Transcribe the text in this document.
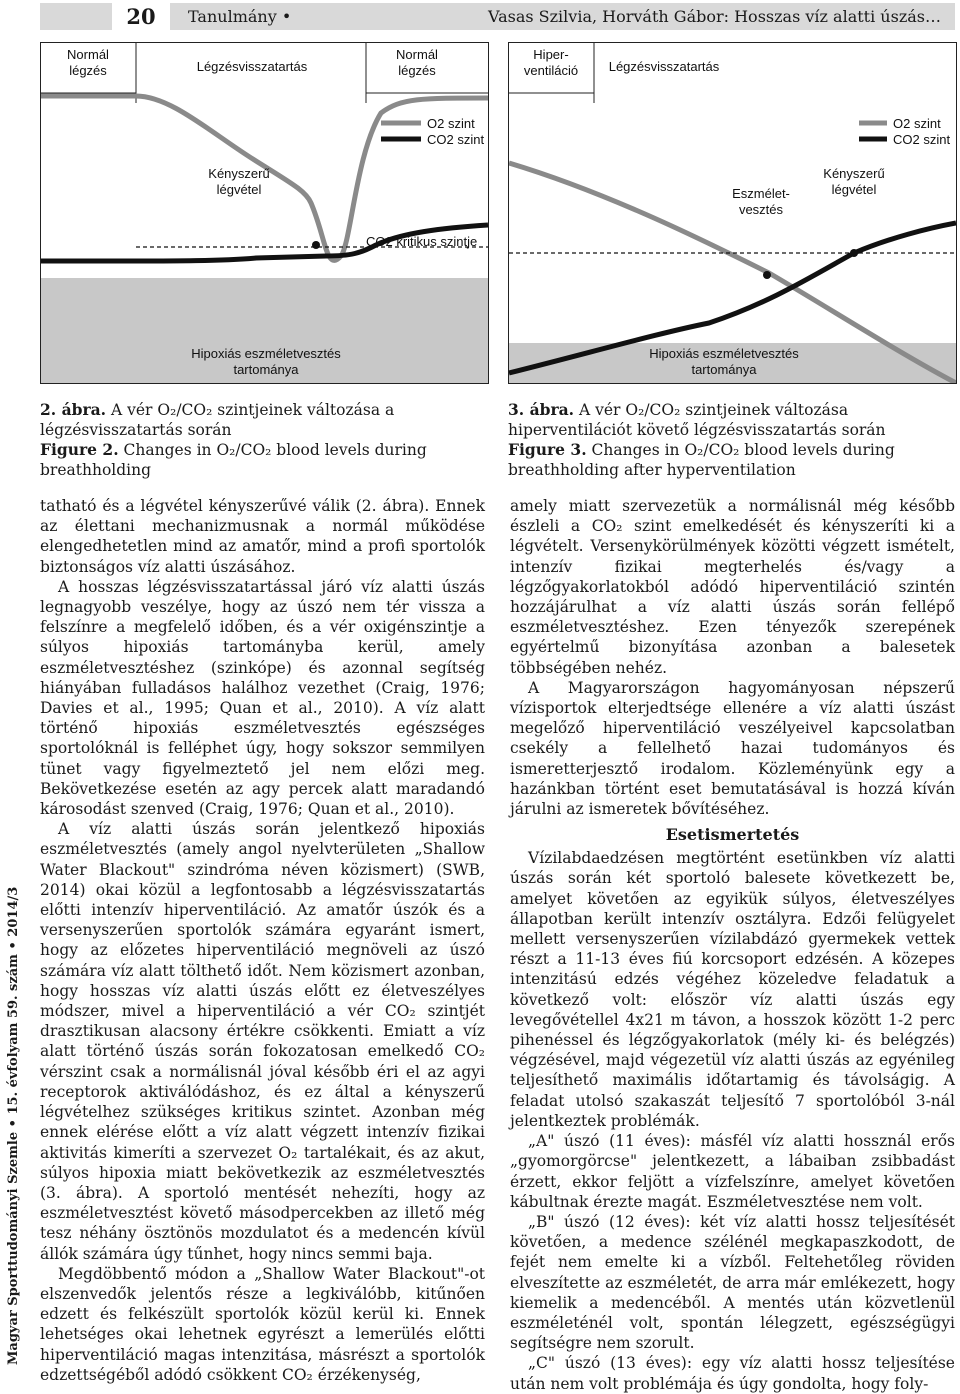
20	Tanulmány •	Vasas Szilvia, Horváth Gábor: Hosszas víz alatti úszás…
Magyar Sporttudományi Szemle • 15. évfolyam 59. szám • 2014/3
Normál légzés	Légzésvisszatartás
Normál légzés
O2 szint
CO2 szint
Kényszerű légvétel
CO2 kritikus szintje
Hipoxiás eszméletvesztés tartománya
Hiper-ventiláció Légzésvisszatartás
O2 szint
CO2 szint
Eszmélet-vesztés
Kényszerű légvétel
Hipoxiás eszméletvesztés tartománya
2. ábra. A vér O₂/CO₂ szintjeinek változása a légzésvisszatartás során
Figure 2. Changes in O₂/CO₂ blood levels during breathholding
3. ábra. A vér O₂/CO₂ szintjeinek változása hiperventilációt követő légzésvisszatartás során
Figure 3. Changes in O₂/CO₂ blood levels during breathholding after hyperventilation

tatható és a légvétel kényszerűvé válik (2. ábra). Ennek az élettani mechanizmusnak a normál működése elengedhetetlen mind az amatőr, mind a profi sportolók biztonságos víz alatti úszásához.

A hosszas légzésvisszatartással járó víz alatti úszás legnagyobb veszélye, hogy az úszó nem tér vissza a felszínre a megfelelő időben, és a vér oxigénszintje a súlyos hipoxiás tartományba kerül, amely eszméletvesztéshez (szinkópe) és azonnal segítség hiányában fulladásos halálhoz vezethet (Craig, 1976; Davies et al., 1995; Quan et al., 2010). A víz alatt történő hipoxiás eszméletvesztés egészséges sportolóknál is felléphet úgy, hogy sokszor semmilyen tünet vagy figyelmeztető jel nem előzi meg. Bekövetkezése esetén az agy percek alatt maradandó károsodást szenved (Craig, 1976; Quan et al., 2010).

A víz alatti úszás során jelentkező hipoxiás eszméletvesztés (amely angol nyelvterületen „Shallow Water Blackout" szindróma néven közismert) (SWB, 2014) okai közül a legfontosabb a légzésvisszatartás előtti intenzív hiperventiláció. Az amatőr úszók és a versenyszerűen sportolók számára egyaránt ismert, hogy az előzetes hiperventiláció megnöveli az úszó számára víz alatt tölthető időt. Nem közismert azonban, hogy hosszas víz alatti úszás előtt ez életveszélyes módszer, mivel a hiperventiláció a vér CO₂ szintjét drasztikusan alacsony értékre csökkenti. Emiatt a víz alatt történő úszás során fokozatosan emelkedő CO₂ vérszint csak a normálisnál jóval később éri el az agyi receptorok aktiválódáshoz, és ez által a kényszerű légvételhez szükséges kritikus szintet. Azonban még ennek elérése előtt a víz alatt végzett intenzív fizikai aktivitás kimeríti a szervezet O₂ tartalékait, és az akut, súlyos hipoxia miatt bekövetkezik az eszméletvesztés (3. ábra). A sportoló mentését nehezíti, hogy az eszméletvesztést követő másodpercekben az illető még tesz néhány ösztönös mozdulatot és a medencén kívül állók számára úgy tűnhet, hogy nincs semmi baja.

Megdöbbentő módon a „Shallow Water Blackout"-ot elszenvedők jelentős része a legkiválóbb, kitűnően edzett és felkészült sportolók közül kerül ki. Ennek lehetséges okai lehetnek egyrészt a lemerülés előtti hiperventiláció magas intenzitása, másrészt a sportolók edzettségéből adódó csökkent CO₂ érzékenység,

amely miatt szervezetük a normálisnál még később észleli a CO₂ szint emelkedését és kényszeríti ki a légvételt. Versenykörülmények közötti végzett ismételt, intenzív fizikai megterhelés és/vagy a légzőgyakorlatokból adódó hiperventiláció szintén hozzájárulhat a víz alatti úszás során fellépő eszméletvesztéshez. Ezen tényezők szerepének egyértelmű bizonyítása azonban a balesetek többségében nehéz.

A Magyarországon hagyományosan népszerű vízisportok elterjedtsége ellenére a víz alatti úszást megelőző hiperventiláció veszélyeivel kapcsolatban csekély a fellelhető hazai tudományos és ismeretterjesztő irodalom. Közleményünk egy a hazánkban történt eset bemutatásával is hozzá kíván járulni az ismeretek bővítéséhez.

Esetismertetés

Vízilabdaedzésen megtörtént esetünkben víz alatti úszás során két sportoló balesete következett be, amelyet követően az egyikük súlyos, életveszélyes állapotban került intenzív osztályra. Edzői felügyelet mellett versenyszerűen vízilabdázó gyermekek vettek részt a 11-13 éves fiú korcsoport edzésén. A közepes intenzitású edzés végéhez közeledve feladatuk a következő volt: először víz alatti úszás egy levegővétellel 4x21 m távon, a hosszok között 1-2 perc pihenéssel és légzőgyakorlatok (mély ki- és belégzés) végzésével, majd végezetül víz alatti úszás az egyénileg teljesíthető maximális időtartamig és távolságig. A feladat utolsó szakaszát teljesítő 7 sportolóból 3-nál jelentkeztek problémák.

„A" úszó (11 éves): másfél víz alatti hossznál erős „gyomorgörcse" jelentkezett, a lábaiban zsibbadást érzett, ekkor feljött a vízfelszínre, amelyet követően kábultnak érezte magát. Eszméletvesztése nem volt.

„B" úszó (12 éves): két víz alatti hossz teljesítését követően, a medence szélénél megkapaszkodott, de fejét nem emelte ki a vízből. Feltehetőleg röviden elveszítette az eszméletét, de arra már emlékezett, hogy kiemelik a medencéből. A mentés után közvetlenül eszméleténél volt, spontán lélegzett, egészségügyi segítségre nem szorult.

„C" úszó (13 éves): egy víz alatti hossz teljesítése után nem volt problémája és úgy gondolta, hogy foly-
